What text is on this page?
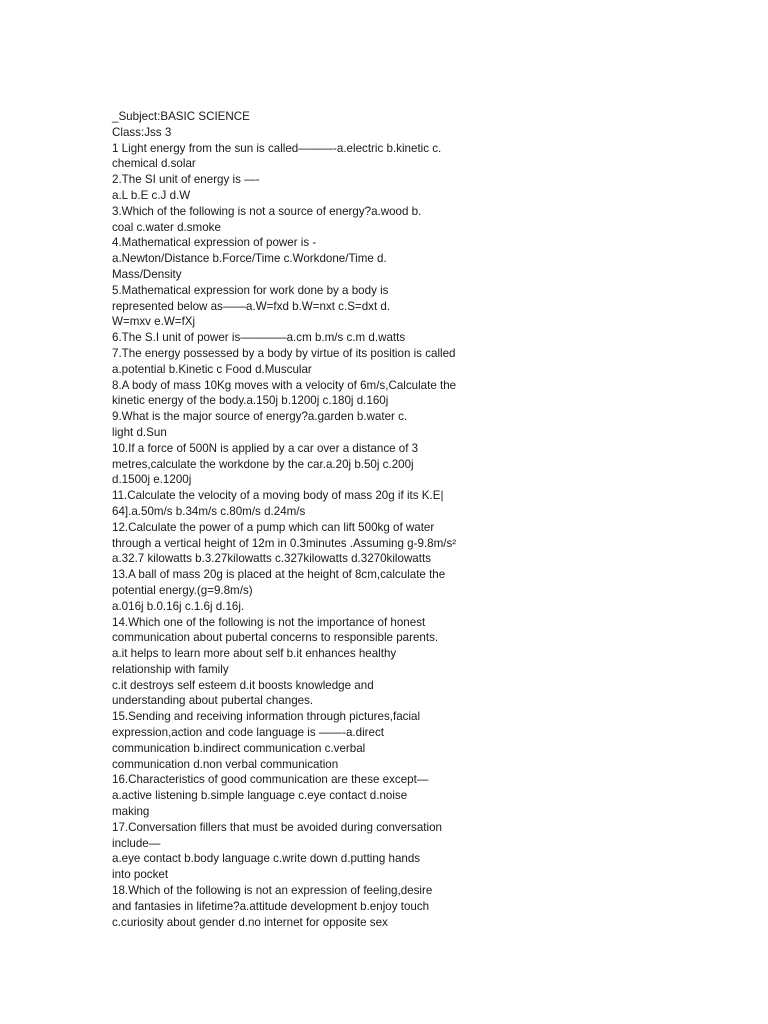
_Subject:BASIC SCIENCE
Class:Jss 3
1 Light energy from the sun is called———-a.electric b.kinetic c.
chemical d.solar
2.The SI unit of energy is —-
a.L b.E c.J d.W
3.Which of the following is not a source of energy?a.wood b.
coal c.water d.smoke
4.Mathematical expression of power is -
a.Newton/Distance b.Force/Time c.Workdone/Time d.
Mass/Density
5.Mathematical expression for work done by a body is
represented below as——a.W=fxd b.W=nxt c.S=dxt d.
W=mxv e.W=fXj
6.The S.I unit of power is————a.cm b.m/s c.m d.watts
7.The energy possessed by a body by virtue of its position is called
a.potential b.Kinetic c Food d.Muscular
8.A body of mass 10Kg moves with a velocity of 6m/s,Calculate the
kinetic energy of the body.a.150j b.1200j c.180j d.160j
9.What is the major source of energy?a.garden b.water c.
light d.Sun
10.If a force of 500N is applied by a car over a distance of 3
metres,calculate the workdone by the car.a.20j b.50j c.200j
d.1500j e.1200j
11.Calculate the velocity of a moving body of mass 20g if its K.E|
64].a.50m/s b.34m/s c.80m/s d.24m/s
12.Calculate the power of a pump which can lift 500kg of water
through a vertical height of 12m in 0.3minutes .Assuming g-9.8m/s²
a.32.7 kilowatts b.3.27kilowatts c.327kilowatts d.3270kilowatts
13.A ball of mass 20g is placed at the height of 8cm,calculate the
potential energy.(g=9.8m/s)
a.016j b.0.16j c.1.6j d.16j.
14.Which one of the following is not the importance of honest
communication about pubertal concerns to responsible parents.
a.it helps to learn more about self b.it enhances healthy
relationship with family
c.it destroys self esteem d.it boosts knowledge and
understanding about pubertal changes.
15.Sending and receiving information through pictures,facial
expression,action and code language is ——-a.direct
communication b.indirect communication c.verbal
communication d.non verbal communication
16.Characteristics of good communication are these except—
a.active listening b.simple language c.eye contact d.noise
making
17.Conversation fillers that must be avoided during conversation
include—
a.eye contact b.body language c.write down d.putting hands
into pocket
18.Which of the following is not an expression of feeling,desire
and fantasies in lifetime?a.attitude development b.enjoy touch
c.curiosity about gender d.no internet for opposite sex
